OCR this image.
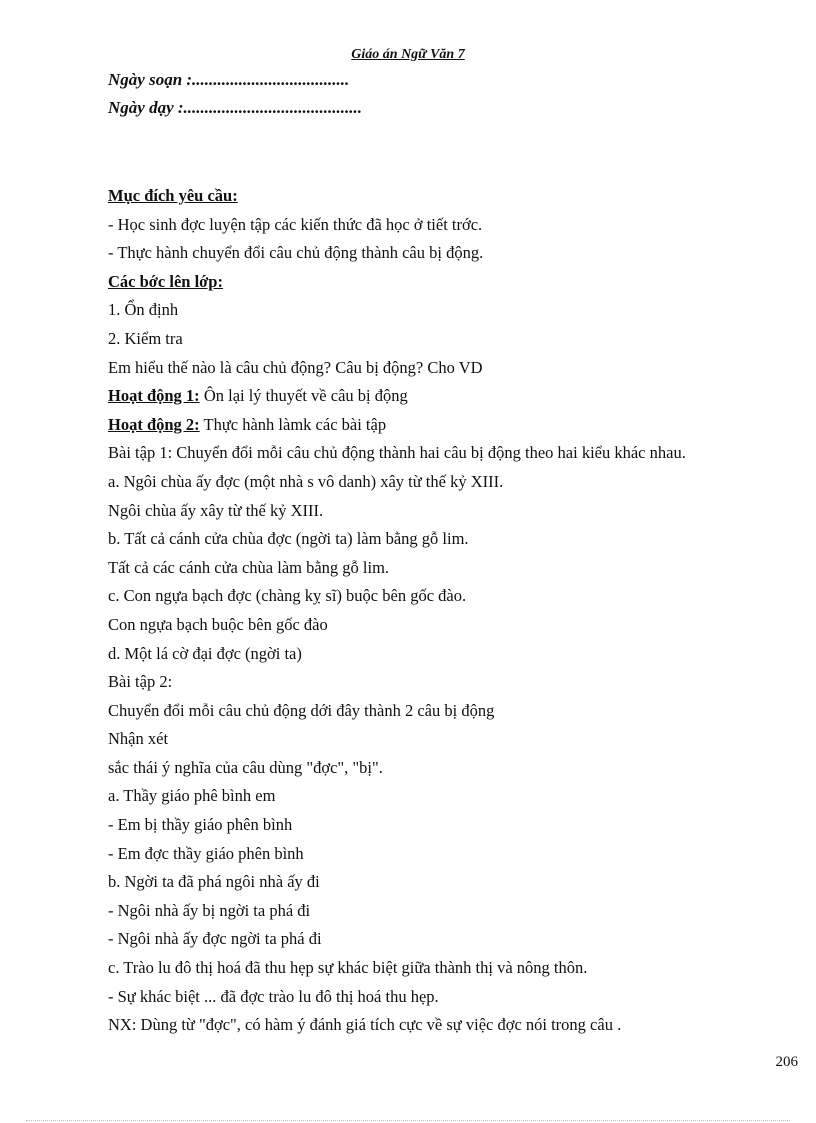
Giáo án Ngữ Văn 7
Ngày soạn :.....................................
Ngày dạy :..........................................
Mục đích yêu cầu:
- Học sinh đợc luyện tập các kiến thức đã học ở tiết trớc.
- Thực hành chuyển đổi câu chủ động thành câu bị động.
Các bớc lên lớp:
1. Ổn định
2. Kiểm tra
Em hiểu thế nào là câu chủ động? Câu bị động? Cho VD
Hoạt động 1: Ôn lại lý thuyết về câu bị động
Hoạt động 2: Thực hành làmk các bài tập
Bài tập 1: Chuyển đổi mỗi câu chủ động thành hai câu bị động theo hai kiểu khác nhau.
a. Ngôi chùa ấy đợc (một nhà s vô danh) xây từ thế kỷ XIII.
Ngôi chùa ấy xây từ thế kỷ XIII.
b. Tất cả cánh cửa chùa đợc (ngời ta) làm bằng gỗ lim.
Tất cả các cánh cửa chùa làm bằng gỗ lim.
c. Con ngựa bạch đợc (chàng kỵ sĩ) buộc bên gốc đào.
Con ngựa bạch buộc bên gốc đào
d. Một lá cờ đại đợc (ngời ta)
Bài tập 2:
Chuyển đổi mỗi câu chủ động dới đây thành 2 câu bị động
Nhận xét
sắc thái ý nghĩa của câu dùng "đợc", "bị".
a. Thầy giáo phê bình em
- Em bị thầy giáo phên bình
- Em đợc thầy giáo phên bình
b. Ngời ta đã phá ngôi nhà ấy đi
- Ngôi nhà ấy bị ngời ta phá đi
- Ngôi nhà ấy đợc ngời ta phá đi
c. Trào lu đô thị hoá đã thu hẹp sự khác biệt giữa thành thị và nông thôn.
- Sự khác biệt ... đã đợc trào lu đô thị hoá thu hẹp.
NX: Dùng từ "đợc", có hàm ý đánh giá tích cực về sự việc đợc nói trong câu .
206
